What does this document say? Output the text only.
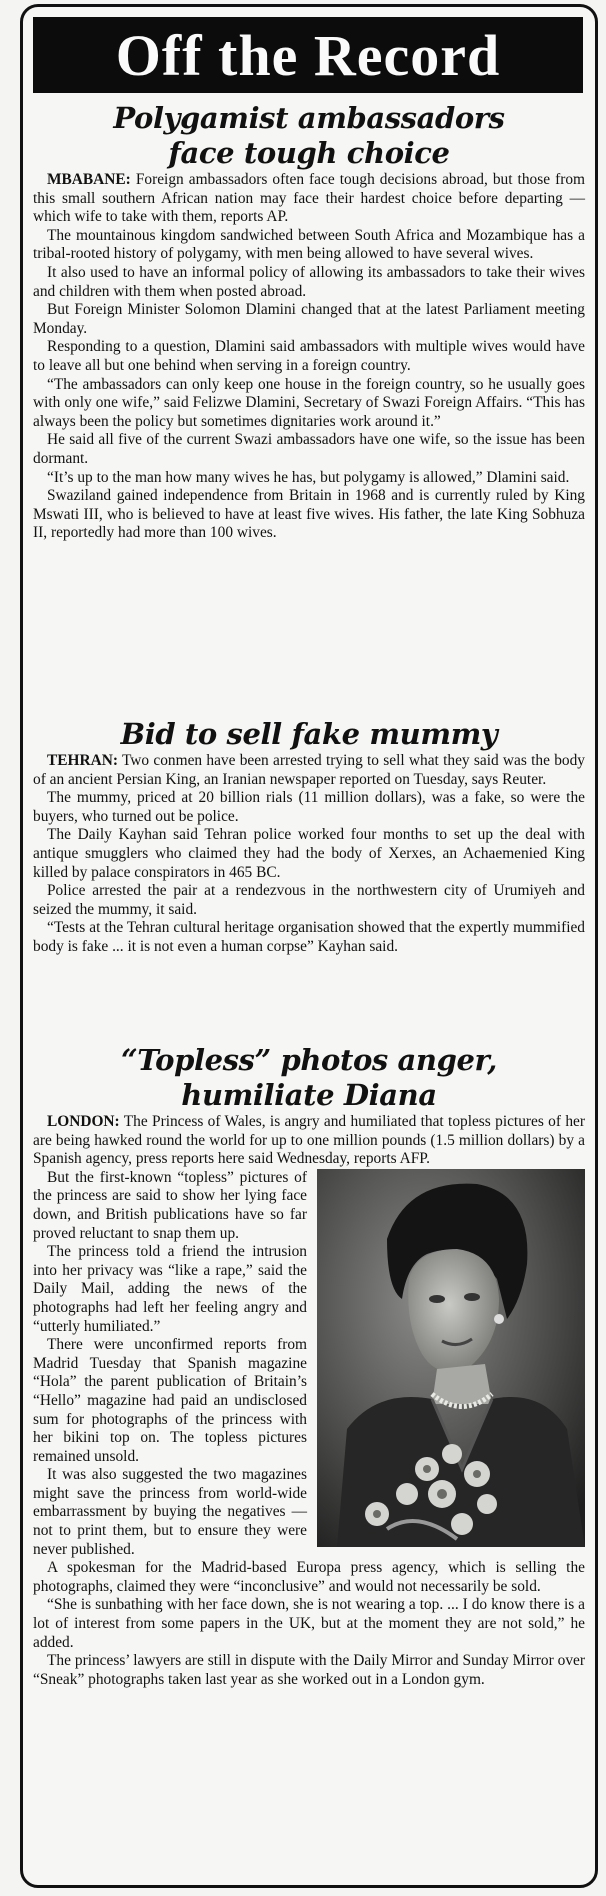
Off the Record
Polygamist ambassadors
face tough choice

MBABANE: Foreign ambassadors often face tough decisions abroad, but those from this small southern African nation may face their hardest choice before departing —which wife to take with them, reports AP.

The mountainous kingdom sandwiched between South Africa and Mozambique has a tribal-rooted history of polygamy, with men being allowed to have several wives.

It also used to have an informal policy of allowing its ambassadors to take their wives and children with them when posted abroad.

But Foreign Minister Solomon Dlamini changed that at the latest Parliament meeting Monday.

Responding to a question, Dlamini said ambassadors with multiple wives would have to leave all but one behind when serving in a foreign country.

“The ambassadors can only keep one house in the foreign country, so he usually goes with only one wife,” said Felizwe Dlamini, Secretary of Swazi Foreign Affairs. “This has always been the policy but sometimes dignitaries work around it.”

He said all five of the current Swazi ambassadors have one wife, so the issue has been dormant.

“It’s up to the man how many wives he has, but polygamy is allowed,” Dlamini said.

Swaziland gained independence from Britain in 1968 and is currently ruled by King Mswati III, who is believed to have at least five wives. His father, the late King Sobhuza II, reportedly had more than 100 wives.

Bid to sell fake mummy

TEHRAN: Two conmen have been arrested trying to sell what they said was the body of an ancient Persian King, an Iranian newspaper reported on Tuesday, says Reuter.

The mummy, priced at 20 billion rials (11 million dollars), was a fake, so were the buyers, who turned out be police.

The Daily Kayhan said Tehran police worked four months to set up the deal with antique smugglers who claimed they had the body of Xerxes, an Achaemenied King killed by palace conspirators in 465 BC.

Police arrested the pair at a rendezvous in the northwestern city of Urumiyeh and seized the mummy, it said.

“Tests at the Tehran cultural heritage organisation showed that the expertly mummified body is fake ... it is not even a human corpse” Kayhan said.

“Topless” photos anger,
humiliate Diana

LONDON: The Princess of Wales, is angry and humiliated that topless pictures of her are being hawked round the world for up to one million pounds (1.5 million dollars) by a Spanish agency, press reports here said Wednesday, reports AFP.

But the first-known “topless” pictures of the princess are said to show her lying face down, and British publications have so far proved reluctant to snap them up.

The princess told a friend the intrusion into her privacy was “like a rape,” said the Daily Mail, adding the news of the photographs had left her feeling angry and “utterly humiliated.”

There were unconfirmed reports from Madrid Tuesday that Spanish magazine “Hola” the parent publication of Britain’s “Hello” magazine had paid an undisclosed sum for photographs of the princess with her bikini top on. The topless pictures remained unsold.

It was also suggested the two magazines might save the princess from world-wide embarrassment by buying the negatives — not to print them, but to ensure they were never published.

A spokesman for the Madrid-based Europa press agency, which is selling the photographs, claimed they were “inconclusive” and would not necessarily be sold.

“She is sunbathing with her face down, she is not wearing a top. ... I do know there is a lot of interest from some papers in the UK, but at the moment they are not sold,” he added.

The princess’ lawyers are still in dispute with the Daily Mirror and Sunday Mirror over “Sneak” photographs taken last year as she worked out in a London gym.
